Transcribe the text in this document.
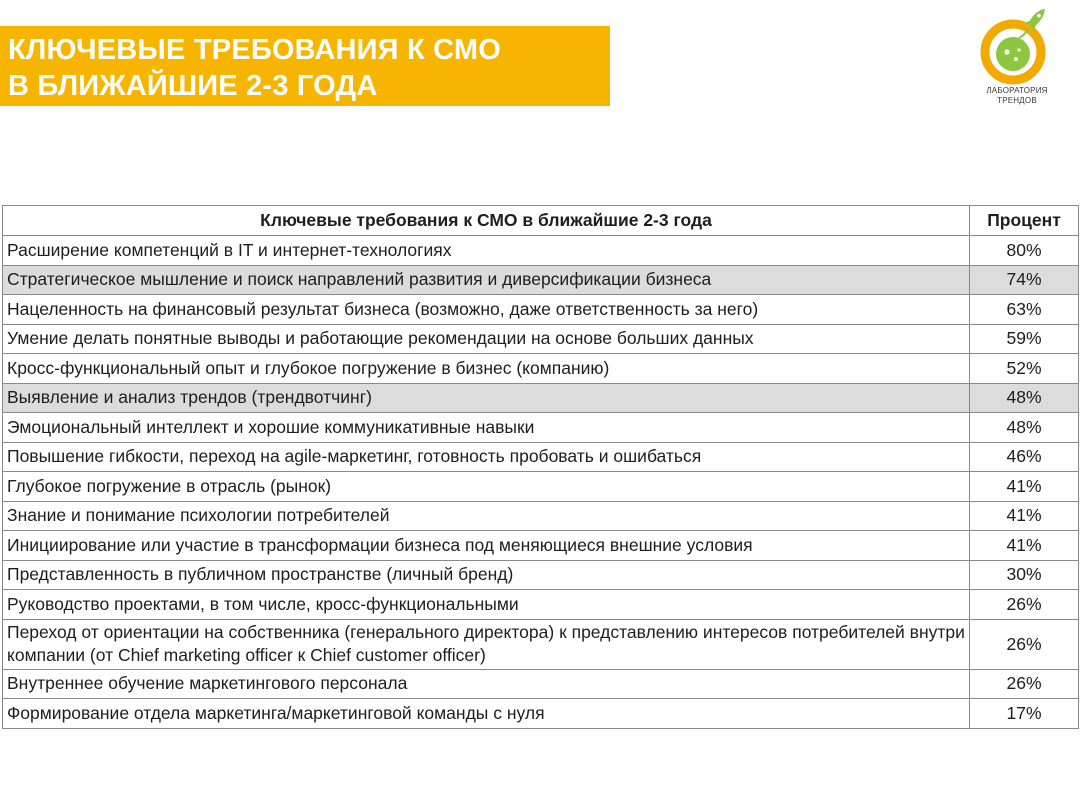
КЛЮЧЕВЫЕ ТРЕБОВАНИЯ К СМО
В БЛИЖАЙШИЕ 2-3 ГОДА	ЛАБОРАТОРИЯ
ТРЕНДОВ
Ключевые требования к СМО в ближайшие 2-3 года	Процент
Расширение компетенций в IT и интернет-технологиях	80%
Стратегическое мышление и поиск направлений развития и диверсификации бизнеса	74%
Нацеленность на финансовый результат бизнеса (возможно, даже ответственность за него)	63%
Умение делать понятные выводы и работающие рекомендации на основе больших данных	59%
Кросс-функциональный опыт и глубокое погружение в бизнес (компанию)	52%
Выявление и анализ трендов (трендвотчинг)	48%
Эмоциональный интеллект и хорошие коммуникативные навыки	48%
Повышение гибкости, переход на agile-маркетинг, готовность пробовать и ошибаться	46%
Глубокое погружение в отрасль (рынок)	41%
Знание и понимание психологии потребителей	41%
Инициирование или участие в трансформации бизнеса под меняющиеся внешние условия	41%
Представленность в публичном пространстве (личный бренд)	30%
Руководство проектами, в том числе, кросс-функциональными	26%
Переход от ориентации на собственника (генерального директора) к представлению интересов потребителей внутри компании (от Chief marketing officer к Chief customer officer)	26%
Внутреннее обучение маркетингового персонала	26%
Формирование отдела маркетинга/маркетинговой команды с нуля	17%
